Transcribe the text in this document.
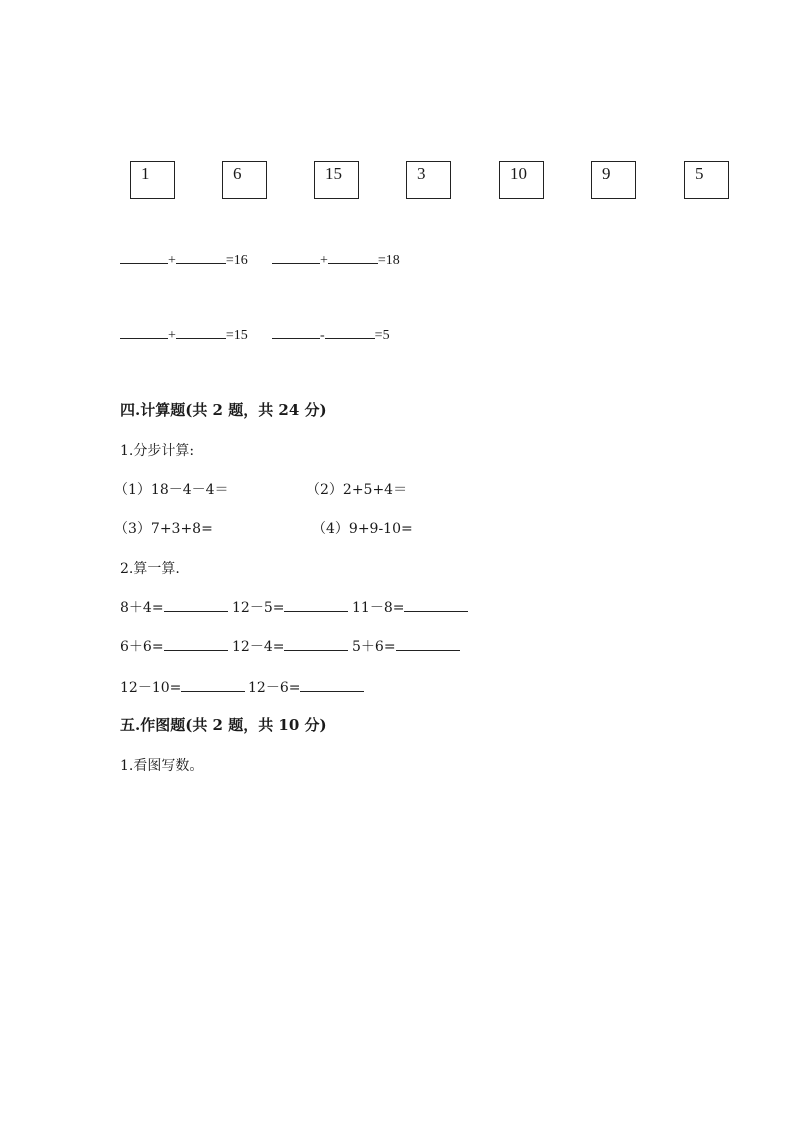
1	6	15	3	10	9	5
+	=16	+	=18
+	=15	-	=5
四.计算题(共 2 题，共 24 分)
1.分步计算:
（1）18－4－4＝	（2）2+5+4＝
（3）7+3+8=	（4）9+9-10=
2.算一算.
8＋4=	12－5=	11－8=
6＋6=	12－4=	5＋6=
12－10=	12－6=
五.作图题(共 2 题，共 10 分)
1.看图写数。
